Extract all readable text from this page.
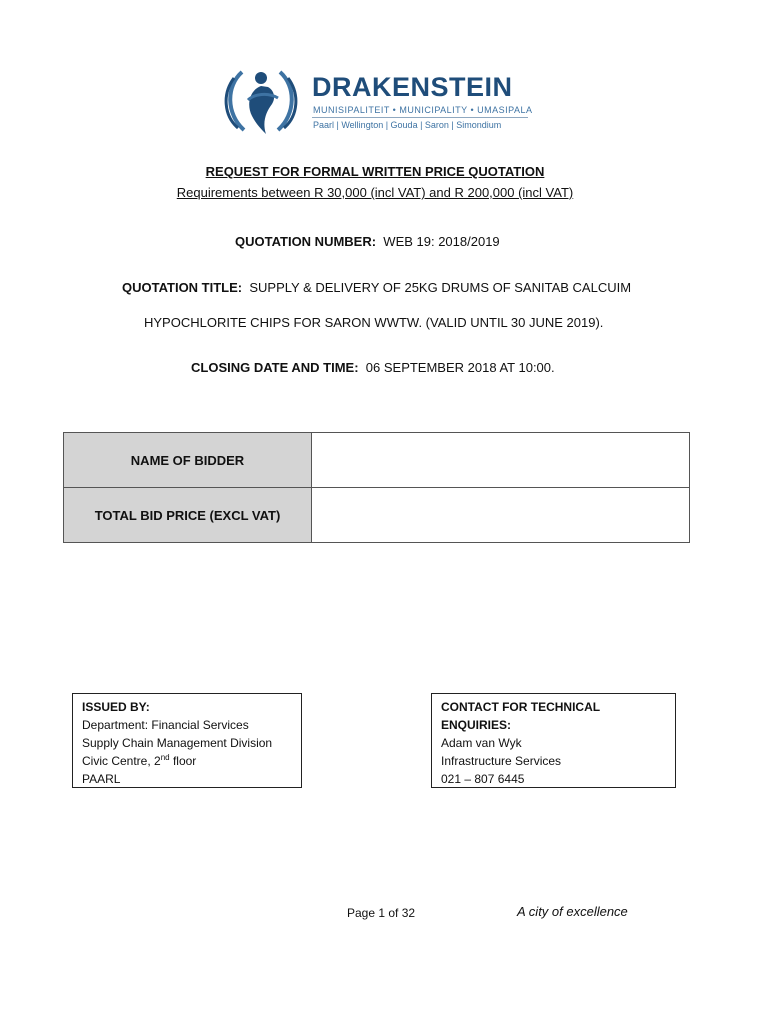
DRAKENSTEIN
MUNISIPALITEIT • MUNICIPALITY • UMASIPALA
Paarl | Wellington | Gouda | Saron | Simondium
REQUEST FOR FORMAL WRITTEN PRICE QUOTATION
Requirements between R 30,000 (incl VAT) and R 200,000 (incl VAT)
QUOTATION NUMBER: WEB 19: 2018/2019
QUOTATION TITLE: SUPPLY & DELIVERY OF 25KG DRUMS OF SANITAB CALCUIM
HYPOCHLORITE CHIPS FOR SARON WWTW. (VALID UNTIL 30 JUNE 2019).
CLOSING DATE AND TIME: 06 SEPTEMBER 2018 AT 10:00.
NAME OF BIDDER	
TOTAL BID PRICE (EXCL VAT)	
ISSUED BY:
Department: Financial Services
Supply Chain Management Division
Civic Centre, 2nd floor
PAARL
CONTACT FOR TECHNICAL ENQUIRIES:
Adam van Wyk
Infrastructure Services
021 – 807 6445
Page 1 of 32	A city of excellence
